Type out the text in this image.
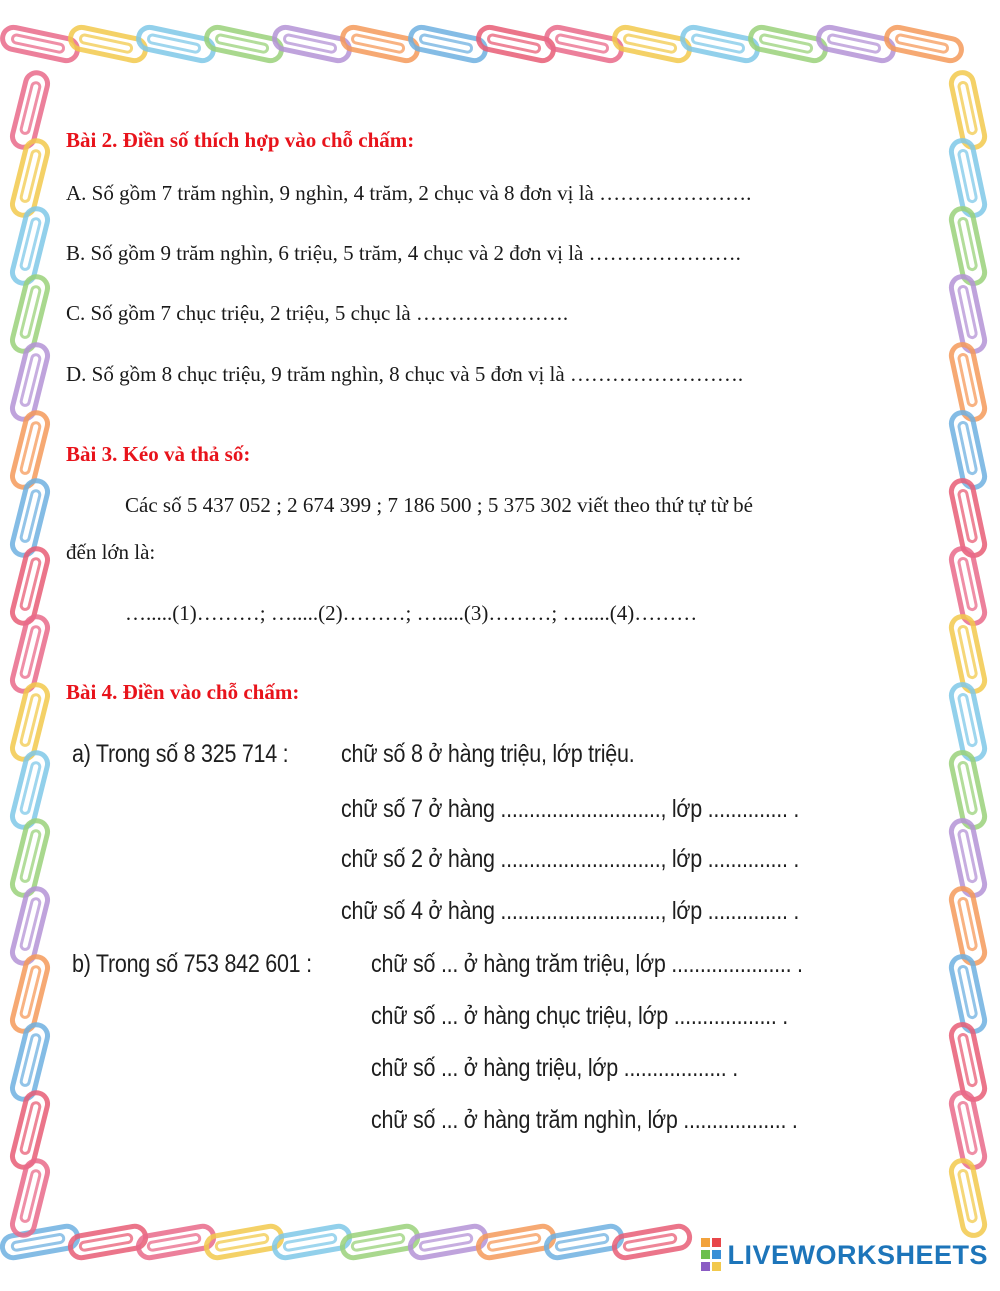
Bài 2. Điền số thích hợp vào chỗ chấm:

A. Số gồm 7 trăm nghìn, 9 nghìn, 4 trăm, 2 chục và 8 đơn vị là ………………….

B. Số gồm 9 trăm nghìn, 6 triệu, 5 trăm, 4 chục và 2 đơn vị là ………………….

C. Số gồm 7 chục triệu, 2 triệu, 5 chục là ………………….

D. Số gồm 8 chục triệu, 9 trăm nghìn, 8 chục và 5 đơn vị là …………………….

Bài 3. Kéo và thả số:

Các số 5 437 052 ; 2 674 399 ; 7 186 500 ; 5 375 302 viết theo thứ tự từ bé

đến lớn là:

….....(1)………; ….....(2)………; ….....(3)………; ….....(4)………

Bài 4. Điền vào chỗ chấm:

a) Trong số 8 325 714 : chữ số 8 ở hàng triệu, lớp triệu.
chữ số 7 ở hàng ............................, lớp .............. .
chữ số 2 ở hàng ............................, lớp .............. .
chữ số 4 ở hàng ............................, lớp .............. .
b) Trong số 753 842 601 : chữ số ... ở hàng trăm triệu, lớp ..................... .
chữ số ... ở hàng chục triệu, lớp .................. .
chữ số ... ở hàng triệu, lớp .................. .
chữ số ... ở hàng trăm nghìn, lớp .................. .
LIVEWORKSHEETS
